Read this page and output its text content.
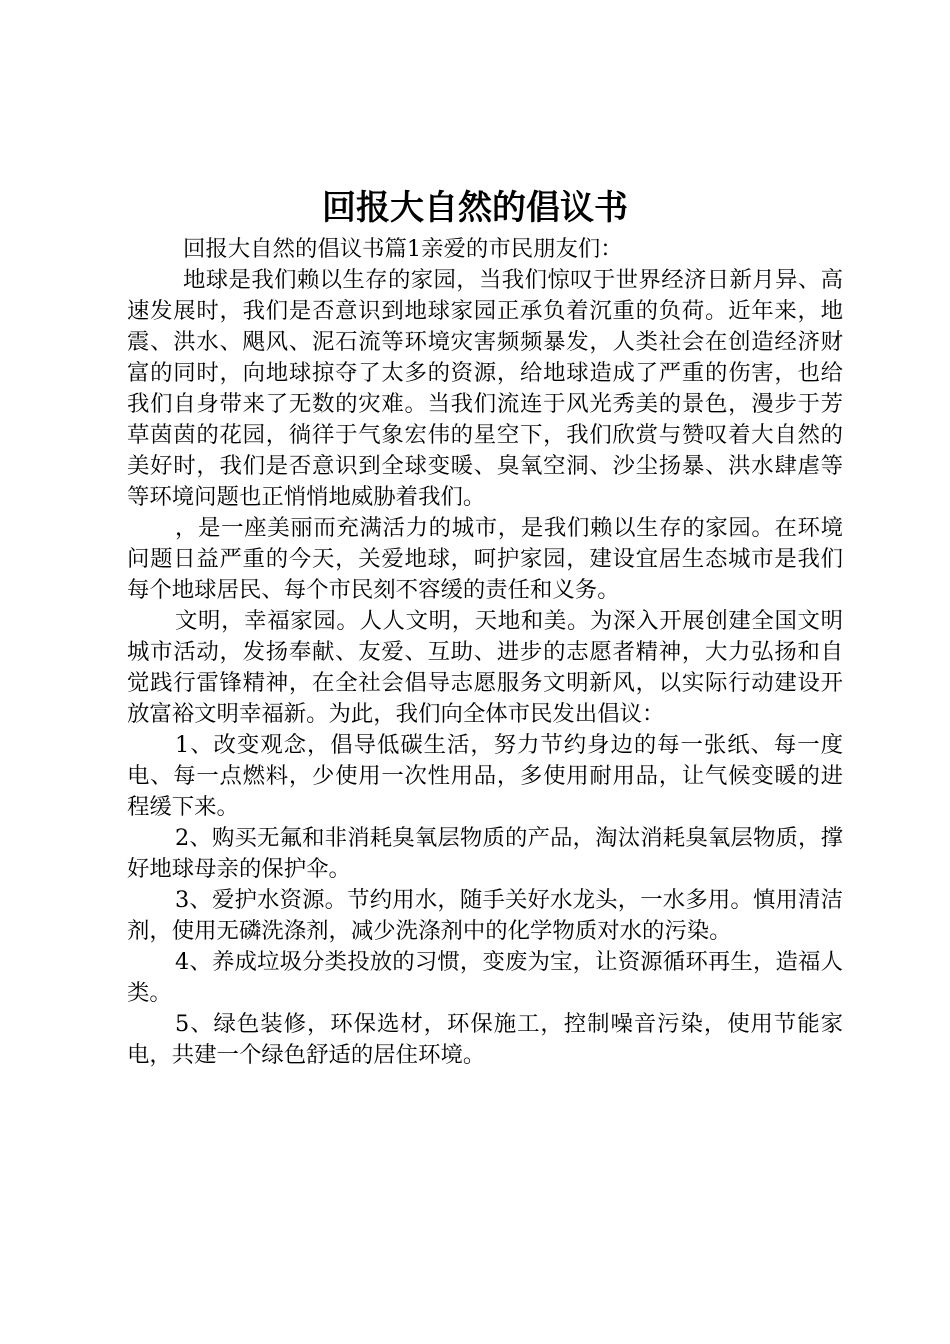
回报大自然的倡议书

回报大自然的倡议书篇1亲爱的市民朋友们：

地球是我们赖以生存的家园，当我们惊叹于世界经济日新月异、高速发展时，我们是否意识到地球家园正承负着沉重的负荷。近年来，地震、洪水、飓风、泥石流等环境灾害频频暴发，人类社会在创造经济财富的同时，向地球掠夺了太多的资源，给地球造成了严重的伤害，也给我们自身带来了无数的灾难。当我们流连于风光秀美的景色，漫步于芳草茵茵的花园，徜徉于气象宏伟的星空下，我们欣赏与赞叹着大自然的美好时，我们是否意识到全球变暖、臭氧空洞、沙尘扬暴、洪水肆虐等等环境问题也正悄悄地威胁着我们。

，是一座美丽而充满活力的城市，是我们赖以生存的家园。在环境问题日益严重的今天，关爱地球，呵护家园，建设宜居生态城市是我们每个地球居民、每个市民刻不容缓的责任和义务。

文明，幸福家园。人人文明，天地和美。为深入开展创建全国文明城市活动，发扬奉献、友爱、互助、进步的志愿者精神，大力弘扬和自觉践行雷锋精神，在全社会倡导志愿服务文明新风，以实际行动建设开放富裕文明幸福新。为此，我们向全体市民发出倡议：

1、改变观念，倡导低碳生活，努力节约身边的每一张纸、每一度电、每一点燃料，少使用一次性用品，多使用耐用品，让气候变暖的进程缓下来。

2、购买无氟和非消耗臭氧层物质的产品，淘汰消耗臭氧层物质，撑好地球母亲的保护伞。

3、爱护水资源。节约用水，随手关好水龙头，一水多用。慎用清洁剂，使用无磷洗涤剂，减少洗涤剂中的化学物质对水的污染。

4、养成垃圾分类投放的习惯，变废为宝，让资源循环再生，造福人类。

5、绿色装修，环保选材，环保施工，控制噪音污染，使用节能家电，共建一个绿色舒适的居住环境。
